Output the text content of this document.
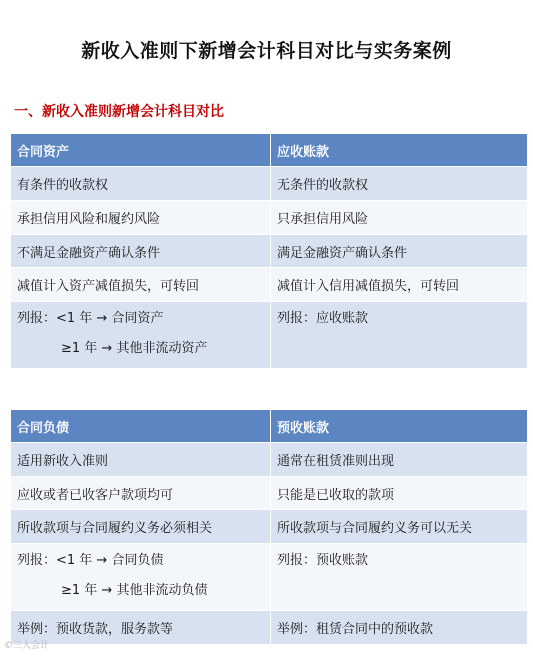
新收入准则下新增会计科目对比与实务案例
一、新收入准则新增会计科目对比
合同资产	应收账款
有条件的收款权	无条件的收款权
承担信用风险和履约风险	只承担信用风险
不满足金融资产确认条件	满足金融资产确认条件
减值计入资产减值损失，可转回	减值计入信用减值损失，可转回

列报：<1 年 → 合同资产
≥1 年 → 其他非流动资产	列报：应收账款
合同负债	预收账款
适用新收入准则	通常在租赁准则出现
应收或者已收客户款项均可	只能是已收取的款项
所收款项与合同履约义务必须相关	所收款项与合同履约义务可以无关

列报：<1 年 → 合同负债
≥1 年 → 其他非流动负债	列报：预收账款

举例：预收货款，服务款等	举例：租赁合同中的预收款
©三人会计
